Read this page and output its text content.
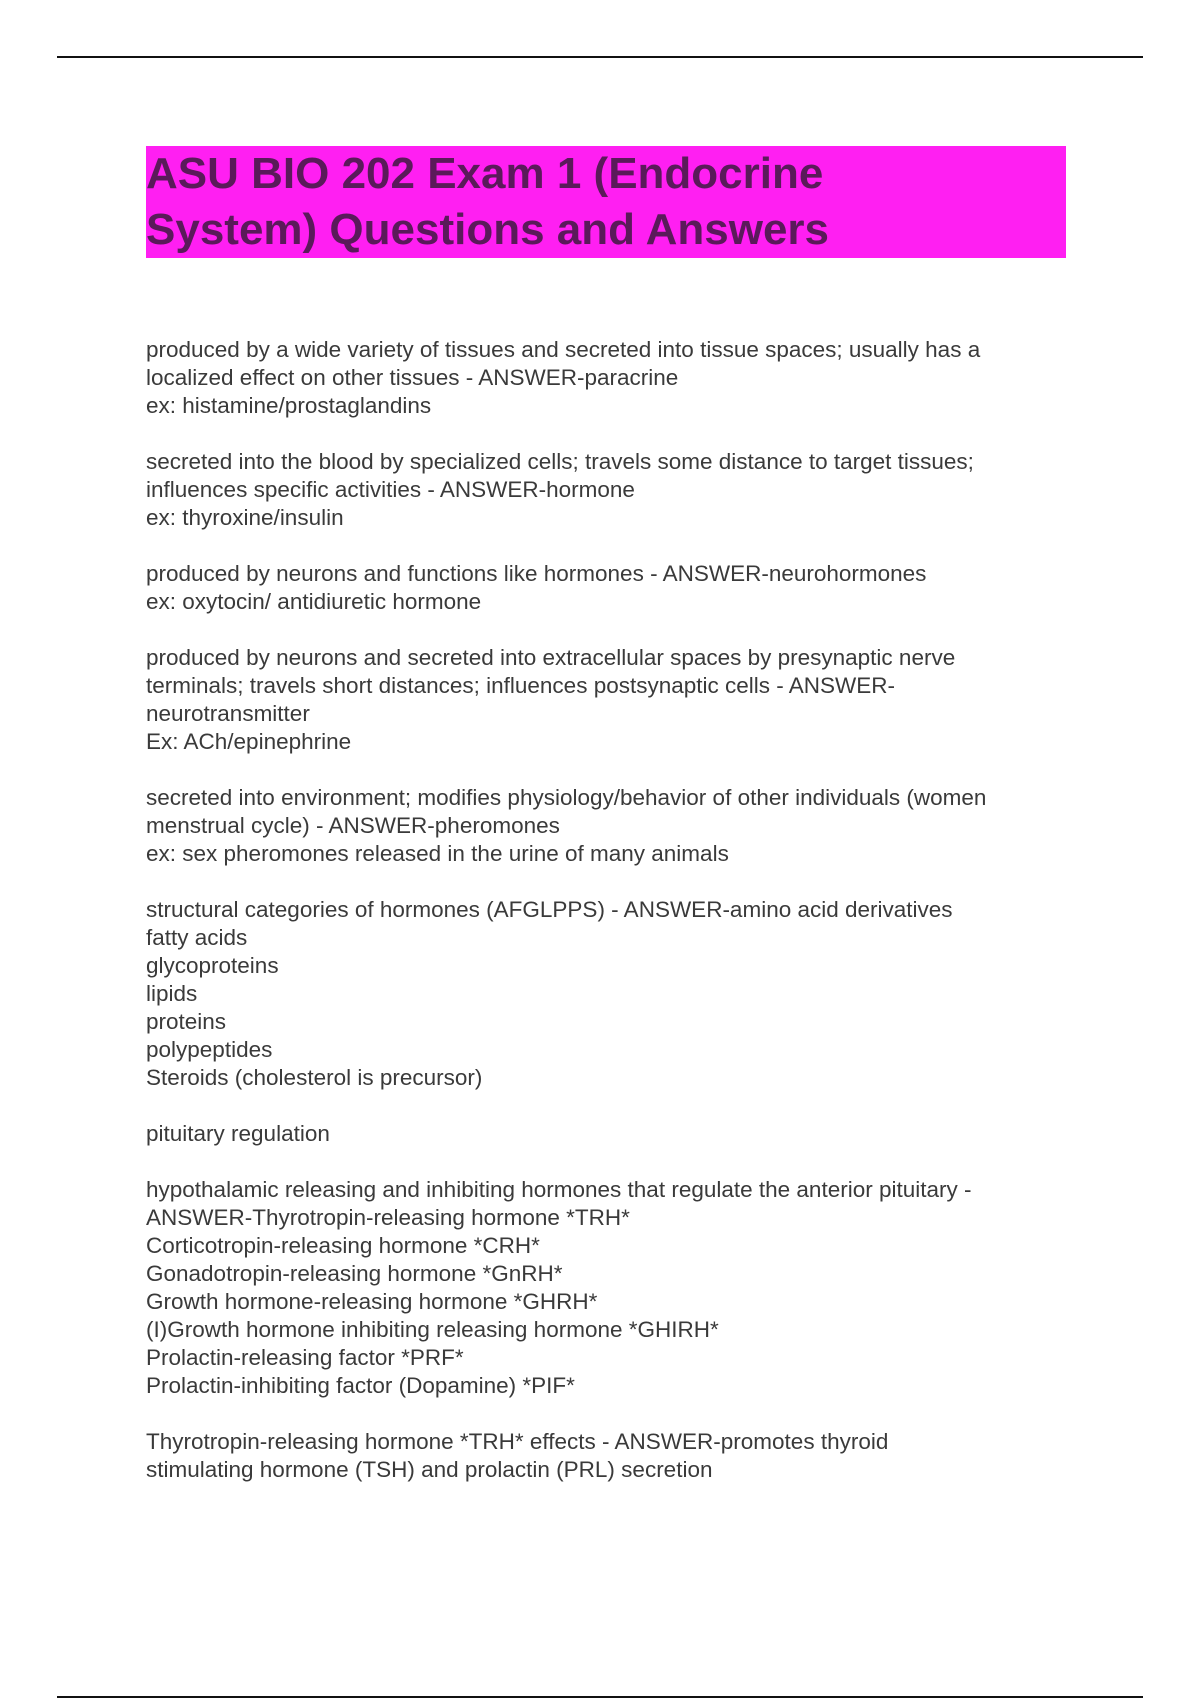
ASU BIO 202 Exam 1 (Endocrine
System) Questions and Answers

produced by a wide variety of tissues and secreted into tissue spaces; usually has a
localized effect on other tissues - ANSWER-paracrine
ex: histamine/prostaglandins

secreted into the blood by specialized cells; travels some distance to target tissues;
influences specific activities - ANSWER-hormone
ex: thyroxine/insulin

produced by neurons and functions like hormones - ANSWER-neurohormones
ex: oxytocin/ antidiuretic hormone

produced by neurons and secreted into extracellular spaces by presynaptic nerve
terminals; travels short distances; influences postsynaptic cells - ANSWER-
neurotransmitter
Ex: ACh/epinephrine

secreted into environment; modifies physiology/behavior of other individuals (women
menstrual cycle) - ANSWER-pheromones
ex: sex pheromones released in the urine of many animals

structural categories of hormones (AFGLPPS) - ANSWER-amino acid derivatives
fatty acids
glycoproteins
lipids
proteins
polypeptides
Steroids (cholesterol is precursor)

pituitary regulation

hypothalamic releasing and inhibiting hormones that regulate the anterior pituitary -
ANSWER-Thyrotropin-releasing hormone *TRH*
Corticotropin-releasing hormone *CRH*
Gonadotropin-releasing hormone *GnRH*
Growth hormone-releasing hormone *GHRH*
(I)Growth hormone inhibiting releasing hormone *GHIRH*
Prolactin-releasing factor *PRF*
Prolactin-inhibiting factor (Dopamine) *PIF*

Thyrotropin-releasing hormone *TRH* effects - ANSWER-promotes thyroid
stimulating hormone (TSH) and prolactin (PRL) secretion
